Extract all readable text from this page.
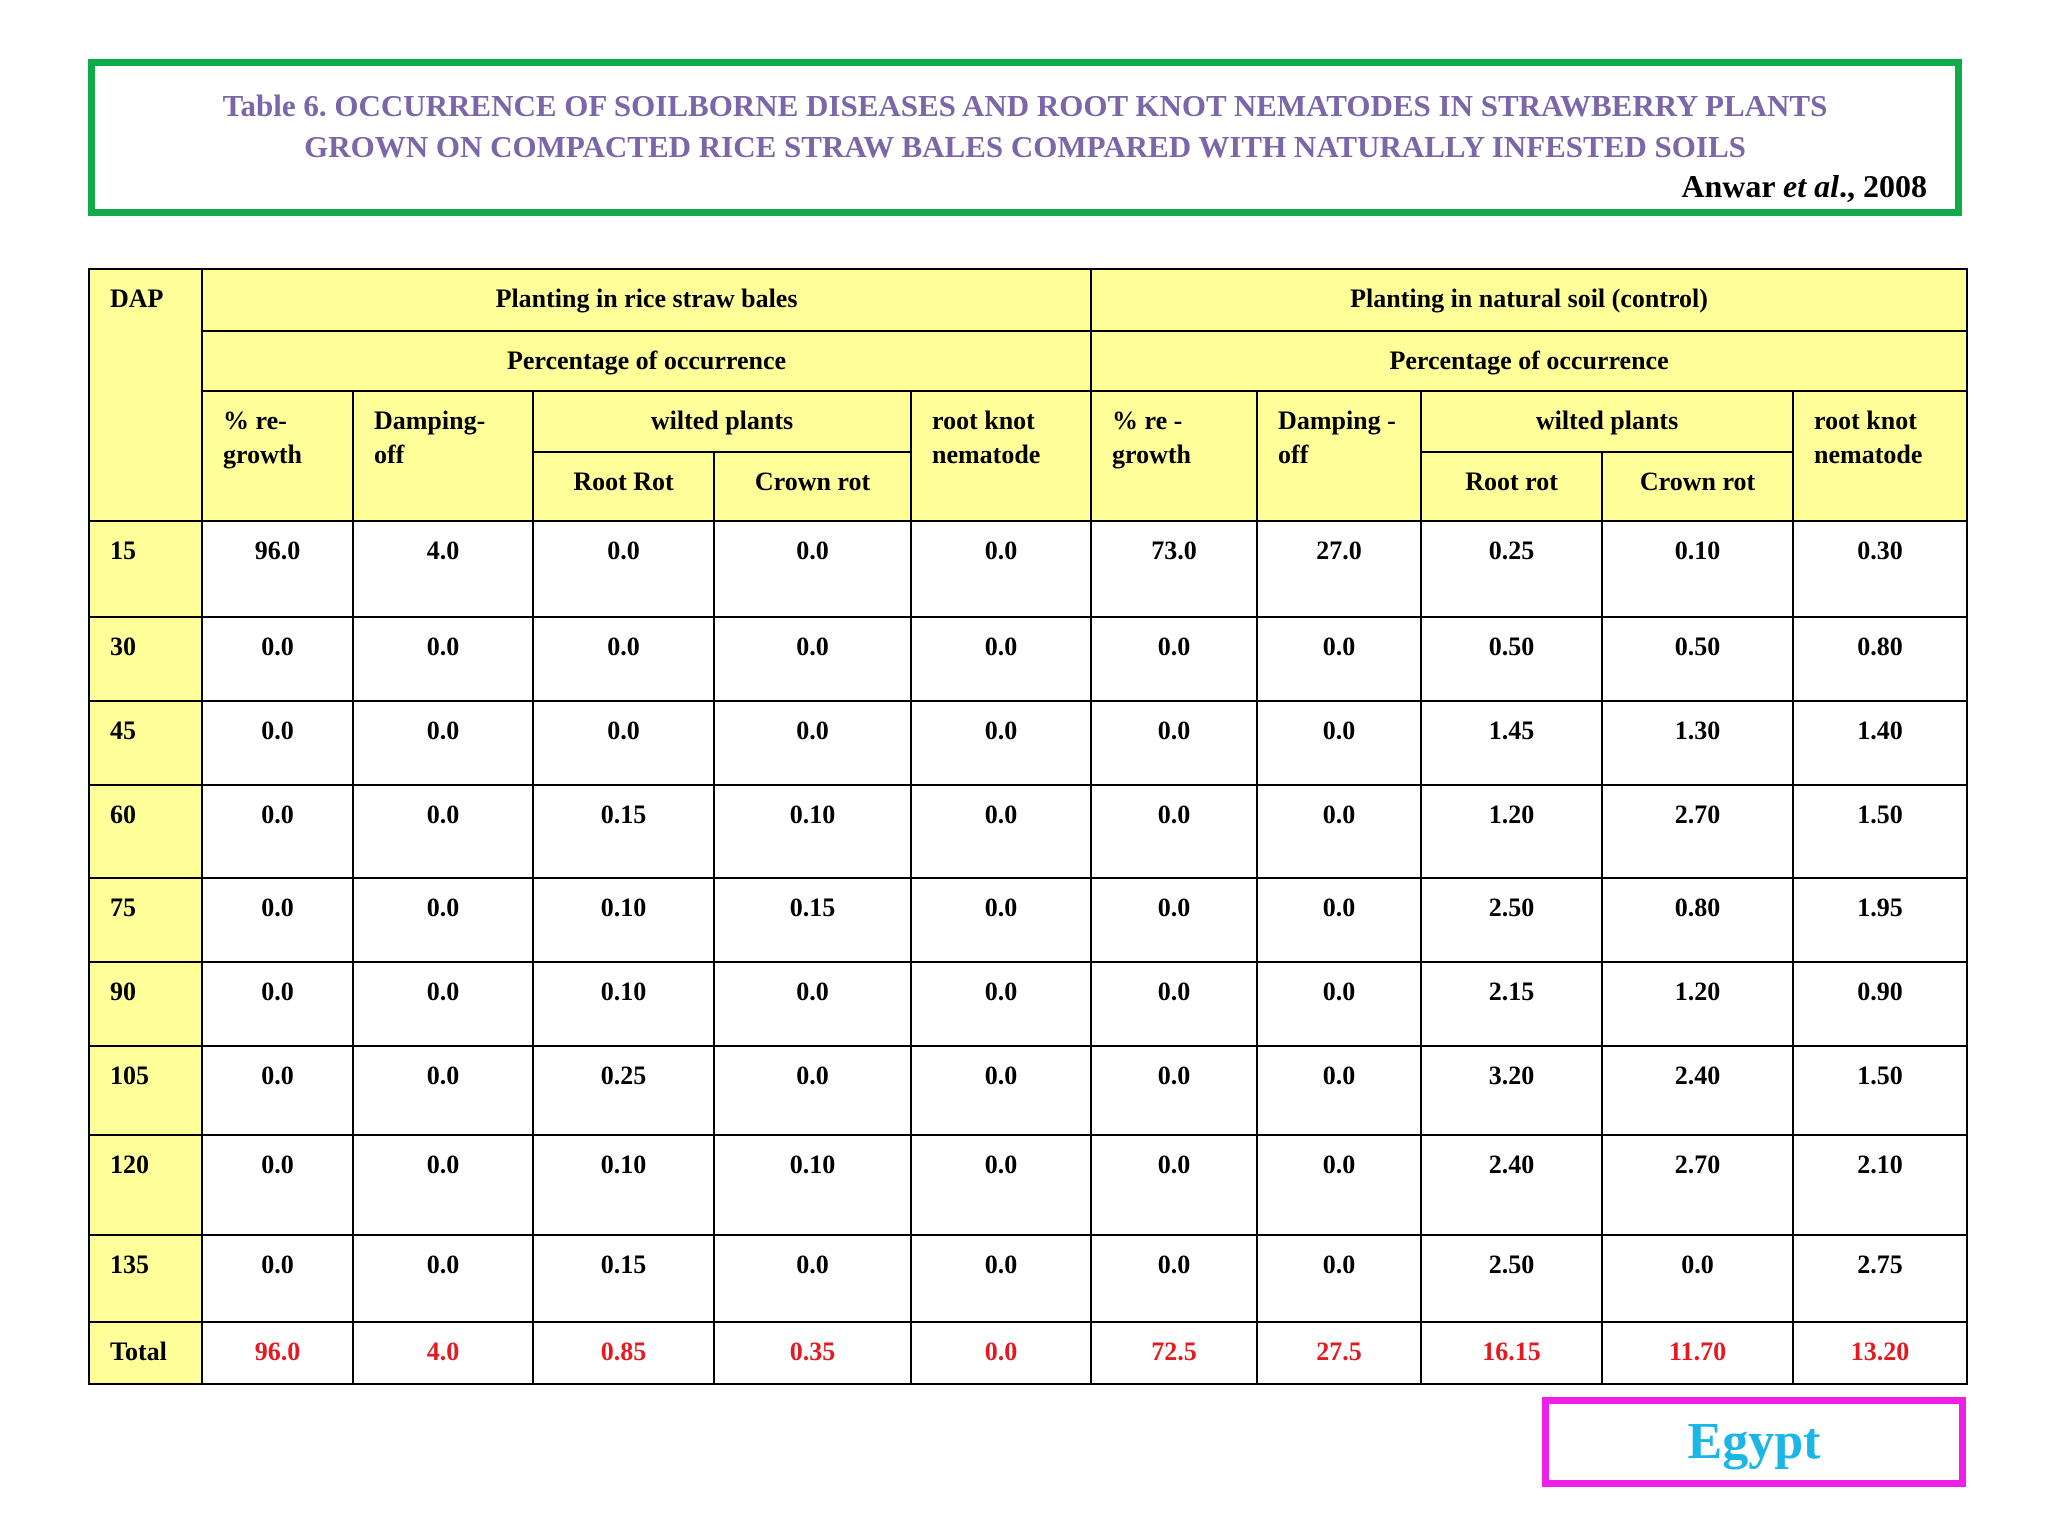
Table 6. OCCURRENCE OF SOILBORNE DISEASES AND ROOT KNOT NEMATODES IN STRAWBERRY PLANTS
GROWN ON COMPACTED RICE STRAW BALES COMPARED WITH NATURALLY INFESTED SOILS
Anwar et al., 2008
DAP	Planting in rice straw bales					Planting in natural soil (control)				

	Percentage of occurrence					Percentage of occurrence				

	% re-growth	Damping-off	wilted plants		root knot nematode	% re - growth	Damping -off	wilted plants		root knot nematode

			Root Rot	Crown rot				Root rot	Crown rot	

15	96.0	4.0	0.0	0.0	0.0	73.0	27.0	0.25	0.10	0.30
30	0.0	0.0	0.0	0.0	0.0	0.0	0.0	0.50	0.50	0.80
45	0.0	0.0	0.0	0.0	0.0	0.0	0.0	1.45	1.30	1.40
60	0.0	0.0	0.15	0.10	0.0	0.0	0.0	1.20	2.70	1.50
75	0.0	0.0	0.10	0.15	0.0	0.0	0.0	2.50	0.80	1.95
90	0.0	0.0	0.10	0.0	0.0	0.0	0.0	2.15	1.20	0.90
105	0.0	0.0	0.25	0.0	0.0	0.0	0.0	3.20	2.40	1.50
120	0.0	0.0	0.10	0.10	0.0	0.0	0.0	2.40	2.70	2.10
135	0.0	0.0	0.15	0.0	0.0	0.0	0.0	2.50	0.0	2.75
Total	96.0	4.0	0.85	0.35	0.0	72.5	27.5	16.15	11.70	13.20
Egypt
